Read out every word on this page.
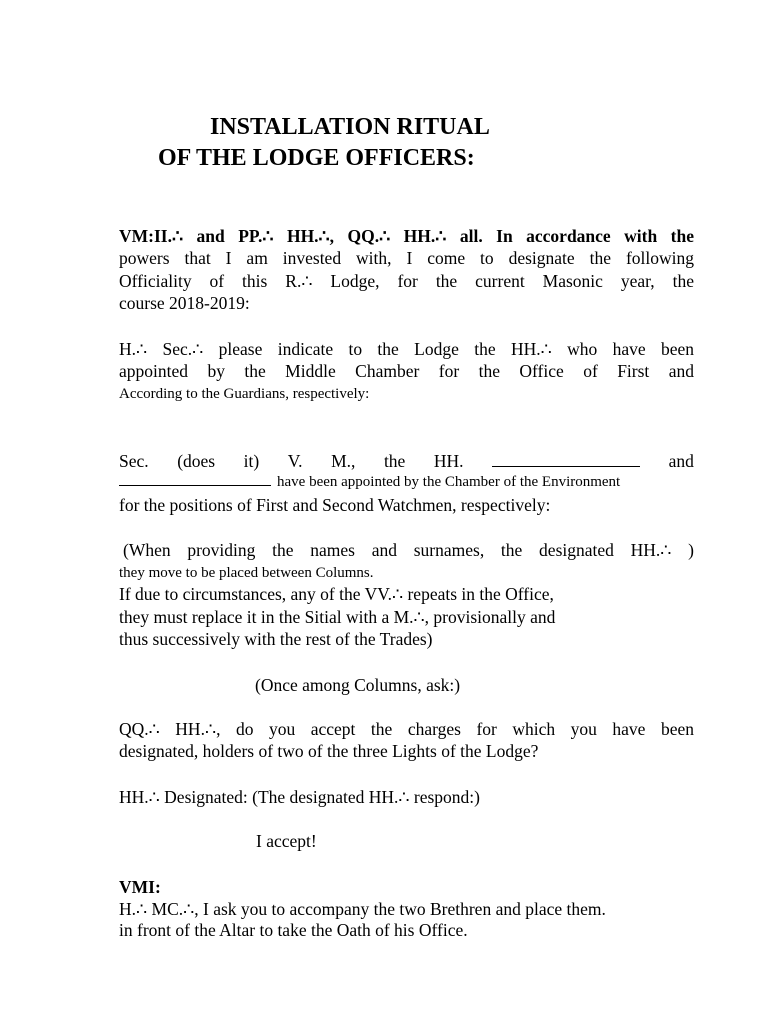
INSTALLATION RITUAL
OF THE LODGE OFFICERS:
VM:II.∴ and PP.∴ HH.∴, QQ.∴ HH.∴ all. In accordance with the
powers that I am invested with, I come to designate the following
Officiality of this R.∴ Lodge, for the current Masonic year, the
course 2018-2019:
H.∴ Sec.∴ please indicate to the Lodge the HH.∴ who have been
appointed by the Middle Chamber for the Office of First and
According to the Guardians, respectively:
Sec. (does it) V. M., the HH.	and
have been appointed by the Chamber of the Environment
for the positions of First and Second Watchmen, respectively:
(When providing the names and surnames, the designated HH.∴ )
they move to be placed between Columns.
If due to circumstances, any of the VV.∴ repeats in the Office,
they must replace it in the Sitial with a M.∴, provisionally and
thus successively with the rest of the Trades)
(Once among Columns, ask:)
QQ.∴ HH.∴, do you accept the charges for which you have been
designated, holders of two of the three Lights of the Lodge?
HH.∴ Designated: (The designated HH.∴ respond:)
I accept!
VMI:
H.∴ MC.∴, I ask you to accompany the two Brethren and place them.
in front of the Altar to take the Oath of his Office.
